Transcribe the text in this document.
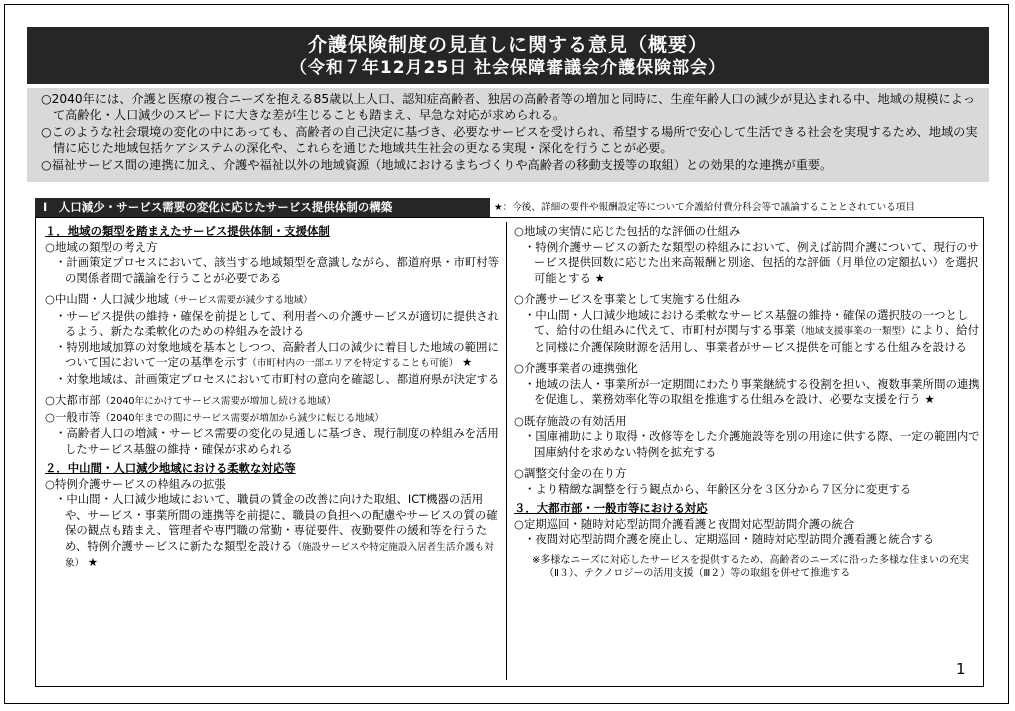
介護保険制度の見直しに関する意見（概要）
（令和７年12月25日 社会保障審議会介護保険部会）

○2040年には、介護と医療の複合ニーズを抱える85歳以上人口、認知症高齢者、独居の高齢者等の増加と同時に、生産年齢人口の減少が見込まれる中、地域の規模によって高齢化・人口減少のスピードに大きな差が生じることも踏まえ、早急な対応が求められる。

○このような社会環境の変化の中にあっても、高齢者の自己決定に基づき、必要なサービスを受けられ、希望する場所で安心して生活できる社会を実現するため、地域の実情に応じた地域包括ケアシステムの深化や、これらを通じた地域共生社会の更なる実現・深化を行うことが必要。

○福祉サービス間の連携に加え、介護や福祉以外の地域資源（地域におけるまちづくりや高齢者の移動支援等の取組）との効果的な連携が重要。

Ⅰ　人口減少・サービス需要の変化に応じたサービス提供体制の構築	★：今後、詳細の要件や報酬設定等について介護給付費分科会等で議論することとされている項目

１．地域の類型を踏まえたサービス提供体制・支援体制

○地域の類型の考え方

・計画策定プロセスにおいて、該当する地域類型を意識しながら、都道府県・市町村等の関係者間で議論を行うことが必要である

○中山間・人口減少地域（サービス需要が減少する地域）

・サービス提供の維持・確保を前提として、利用者への介護サービスが適切に提供されるよう、新たな柔軟化のための枠組みを設ける

・特別地域加算の対象地域を基本としつつ、高齢者人口の減少に着目した地域の範囲について国において一定の基準を示す（市町村内の一部エリアを特定することも可能） ★

・対象地域は、計画策定プロセスにおいて市町村の意向を確認し、都道府県が決定する

○大都市部（2040年にかけてサービス需要が増加し続ける地域）

○一般市等（2040年までの間にサービス需要が増加から減少に転じる地域）

・高齢者人口の増減・サービス需要の変化の見通しに基づき、現行制度の枠組みを活用したサービス基盤の維持・確保が求められる

２．中山間・人口減少地域における柔軟な対応等

○特例介護サービスの枠組みの拡張

・中山間・人口減少地域において、職員の賃金の改善に向けた取組、ICT機器の活用や、サービス・事業所間の連携等を前提に、職員の負担への配慮やサービスの質の確保の観点も踏まえ、管理者や専門職の常勤・専従要件、夜勤要件の緩和等を行うため、特例介護サービスに新たな類型を設ける（施設サービスや特定施設入居者生活介護も対象） ★

○地域の実情に応じた包括的な評価の仕組み

・特例介護サービスの新たな類型の枠組みにおいて、例えば訪問介護について、現行のサービス提供回数に応じた出来高報酬と別途、包括的な評価（月単位の定額払い）を選択可能とする ★

○介護サービスを事業として実施する仕組み

・中山間・人口減少地域における柔軟なサービス基盤の維持・確保の選択肢の一つとして、給付の仕組みに代えて、市町村が関与する事業（地域支援事業の一類型）により、給付と同様に介護保険財源を活用し、事業者がサービス提供を可能とする仕組みを設ける

○介護事業者の連携強化

・地域の法人・事業所が一定期間にわたり事業継続する役割を担い、複数事業所間の連携を促進し、業務効率化等の取組を推進する仕組みを設け、必要な支援を行う ★

○既存施設の有効活用

・国庫補助により取得・改修等をした介護施設等を別の用途に供する際、一定の範囲内で国庫納付を求めない特例を拡充する

○調整交付金の在り方

・より精緻な調整を行う観点から、年齢区分を３区分から７区分に変更する

３．大都市部・一般市等における対応

○定期巡回・随時対応型訪問介護看護と夜間対応型訪問介護の統合

・夜間対応型訪問介護を廃止し、定期巡回・随時対応型訪問介護看護と統合する

※多様なニーズに対応したサービスを提供するため、高齢者のニーズに沿った多様な住まいの充実（Ⅱ３）、テクノロジーの活用支援（Ⅲ２）等の取組を併せて推進する

1
